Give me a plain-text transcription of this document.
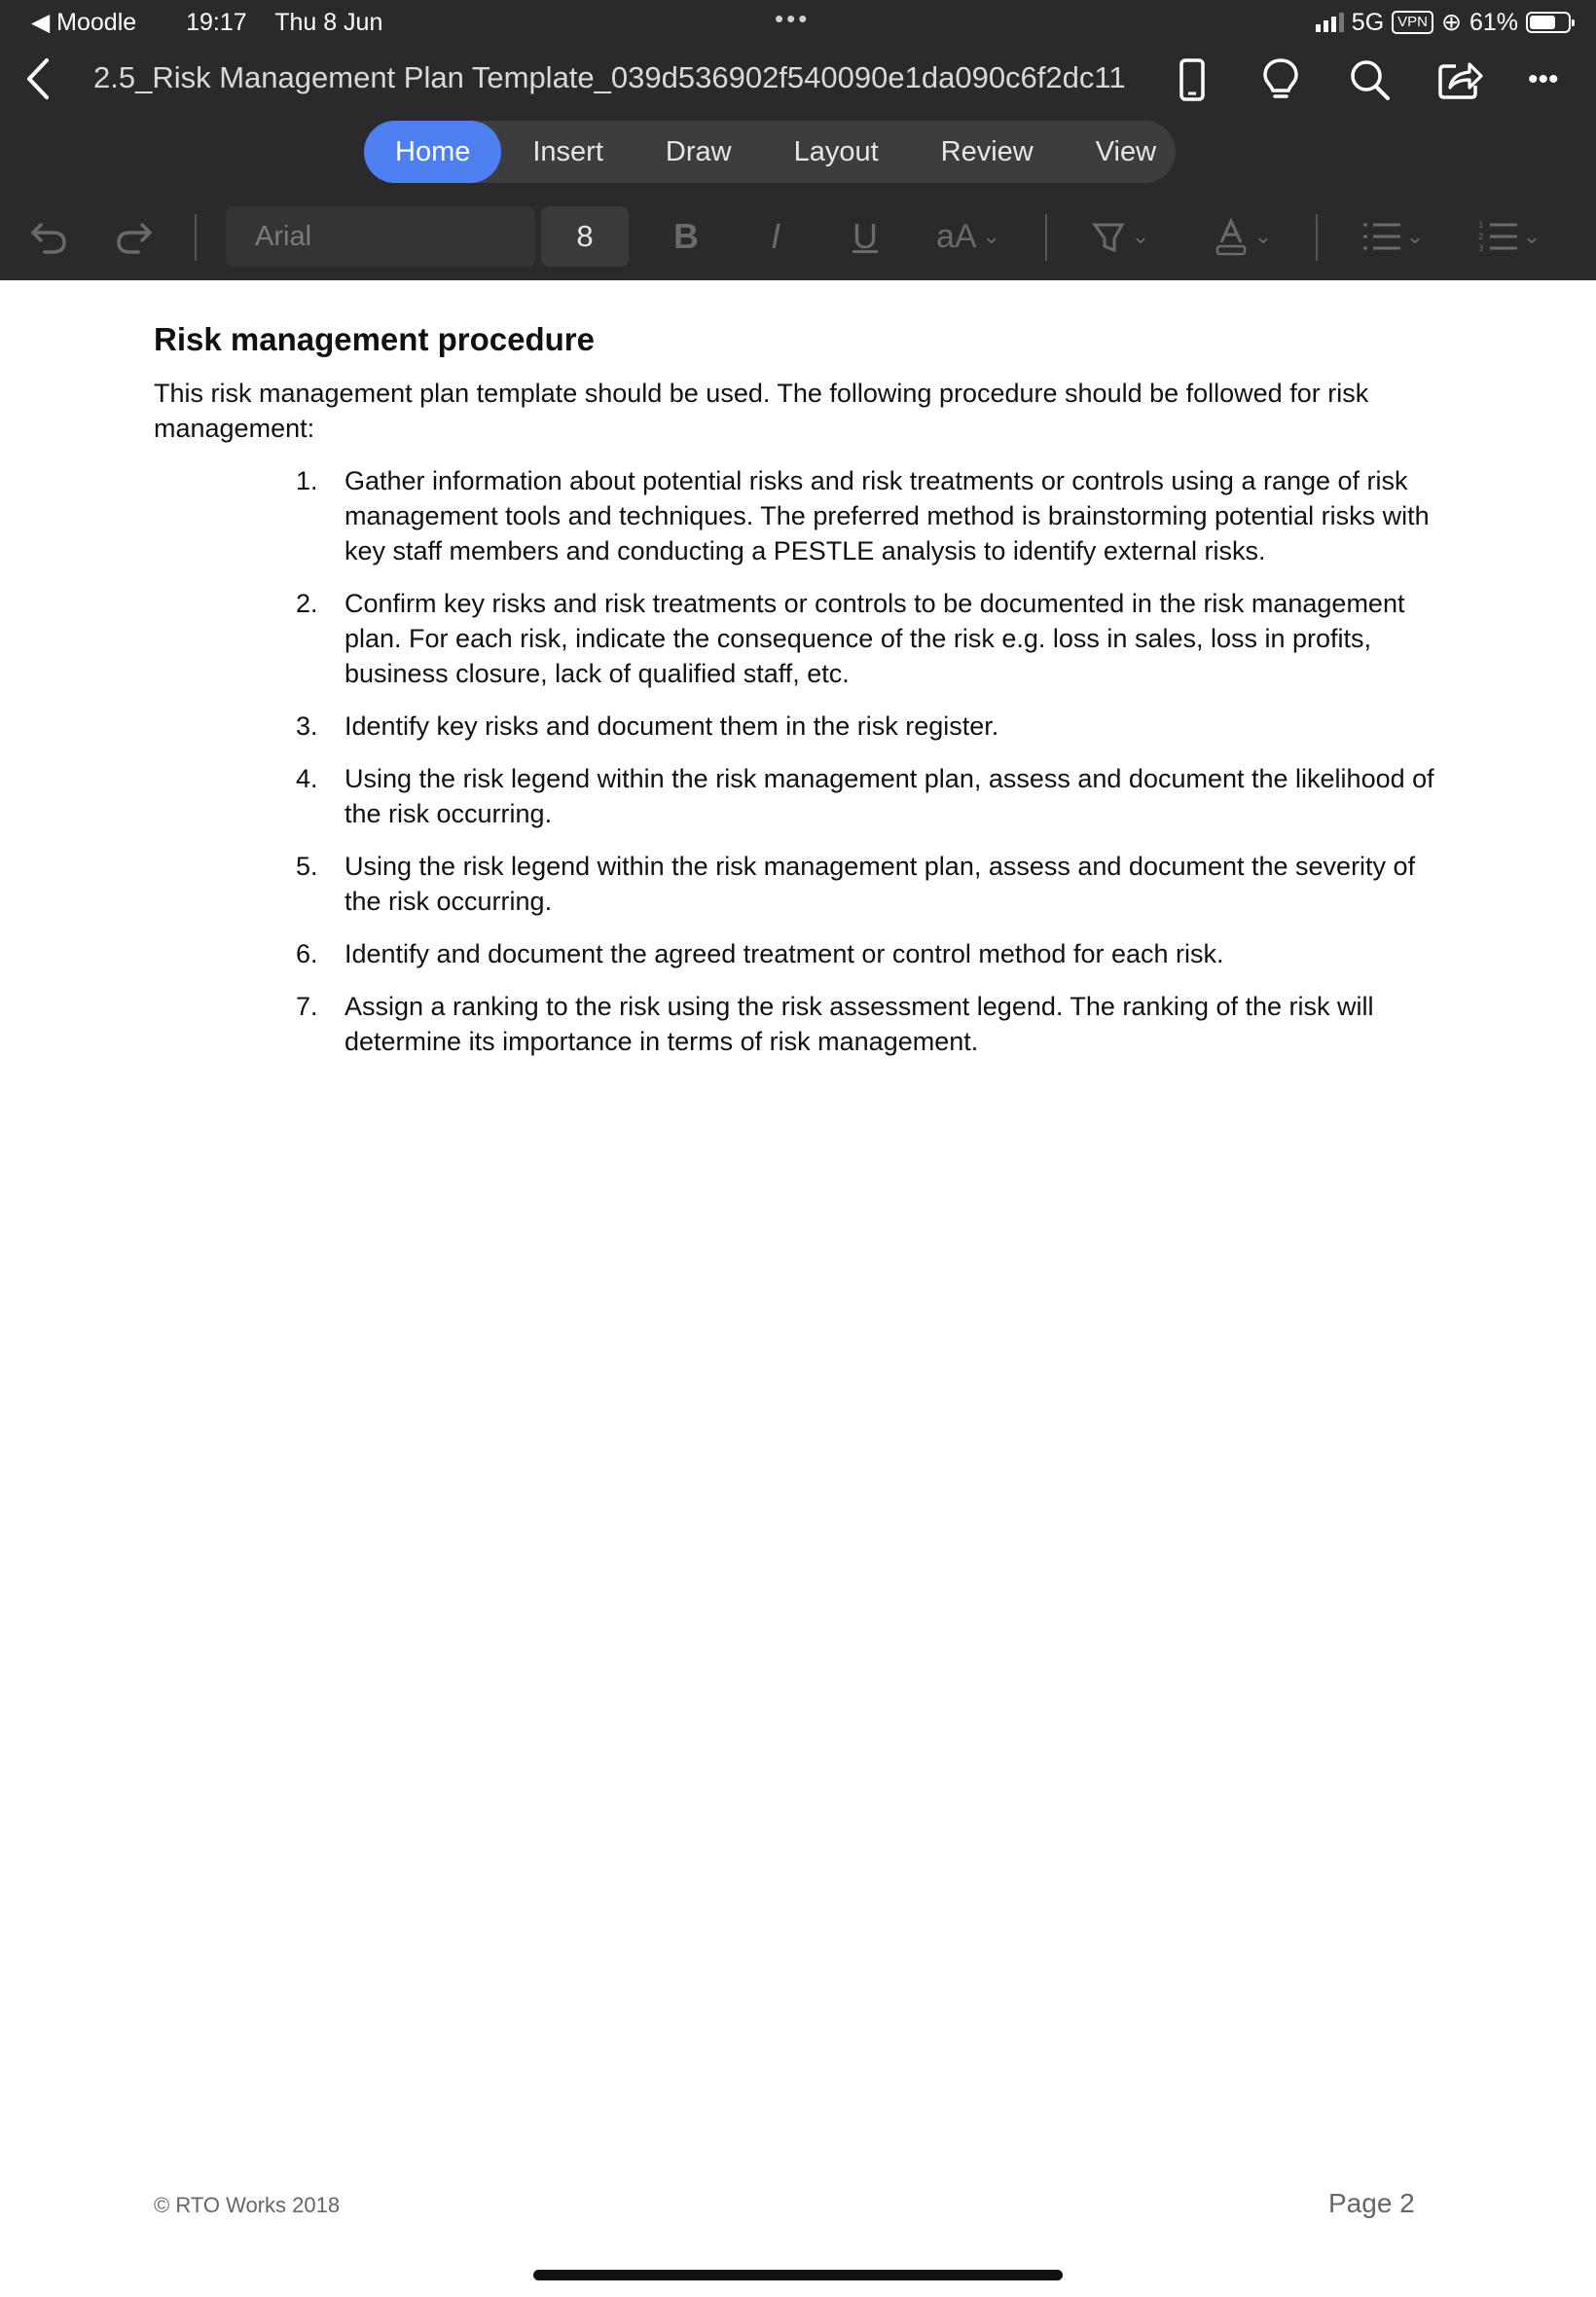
◀ Moodle 19:17 Thu 8 Jun	•••	5G VPN ⊕ 61%
2.5_Risk Management Plan Template_039d536902f540090e1da090c6f2dc11	•••
Home	Insert	Draw	Layout	Review	View
Arial	8	B	I	U	aA ⌄	⌄	⌄	⌄	1
2
3
⌄
Risk management procedure

This risk management plan template should be used. The following procedure should be followed for risk management:

1. Gather information about potential risks and risk treatments or controls using a range of risk management tools and techniques. The preferred method is brainstorming potential risks with key staff members and conducting a PESTLE analysis to identify external risks.
2. Confirm key risks and risk treatments or controls to be documented in the risk management plan. For each risk, indicate the consequence of the risk e.g. loss in sales, loss in profits, business closure, lack of qualified staff, etc.
3. Identify key risks and document them in the risk register.
4. Using the risk legend within the risk management plan, assess and document the likelihood of the risk occurring.
5. Using the risk legend within the risk management plan, assess and document the severity of the risk occurring.
6. Identify and document the agreed treatment or control method for each risk.
7. Assign a ranking to the risk using the risk assessment legend. The ranking of the risk will determine its importance in terms of risk management.
© RTO Works 2018	Page 2
